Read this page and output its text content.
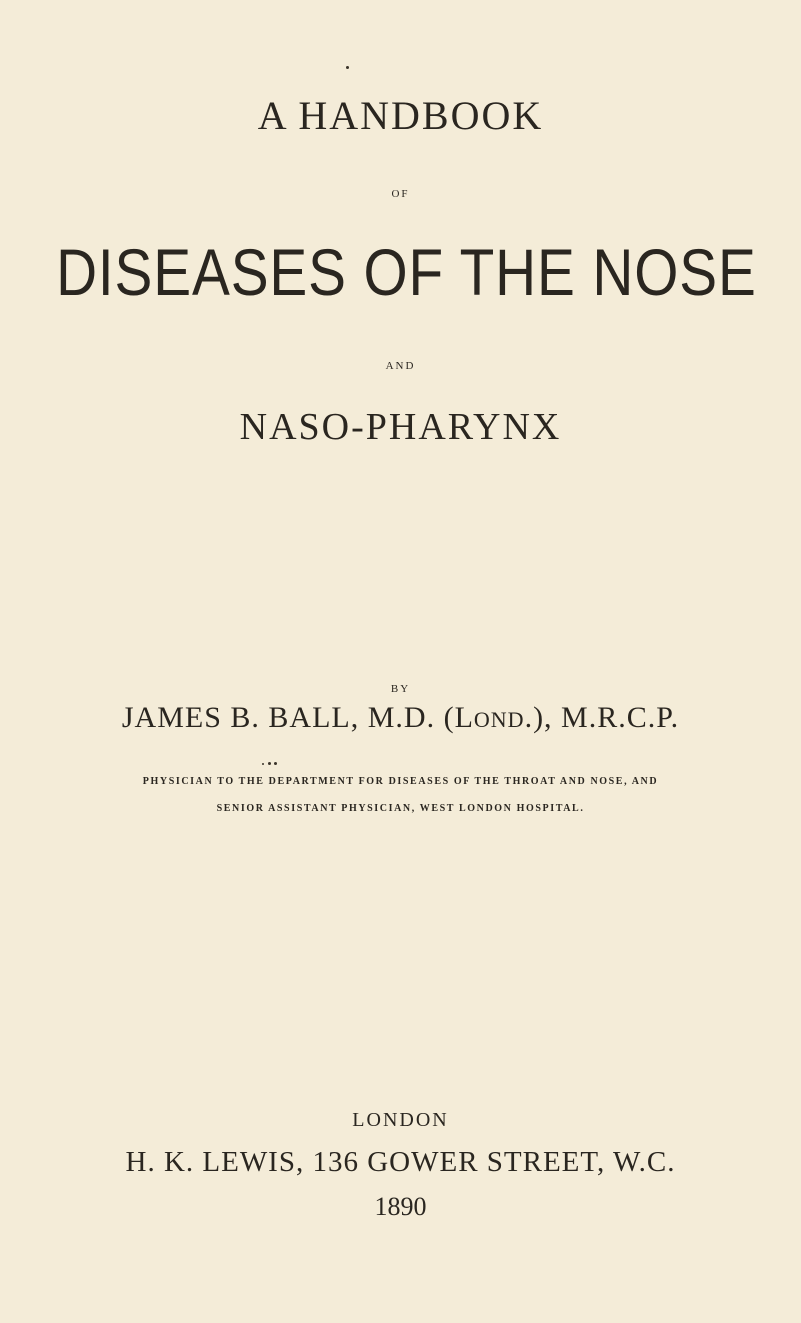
A HANDBOOK
OF
DISEASES OF THE NOSE
AND
NASO-PHARYNX
BY
JAMES B. BALL, M.D. (LOND.), M.R.C.P.
PHYSICIAN TO THE DEPARTMENT FOR DISEASES OF THE THROAT AND NOSE, AND
SENIOR ASSISTANT PHYSICIAN, WEST LONDON HOSPITAL.
LONDON
H. K. LEWIS, 136 GOWER STREET, W.C.
1890
